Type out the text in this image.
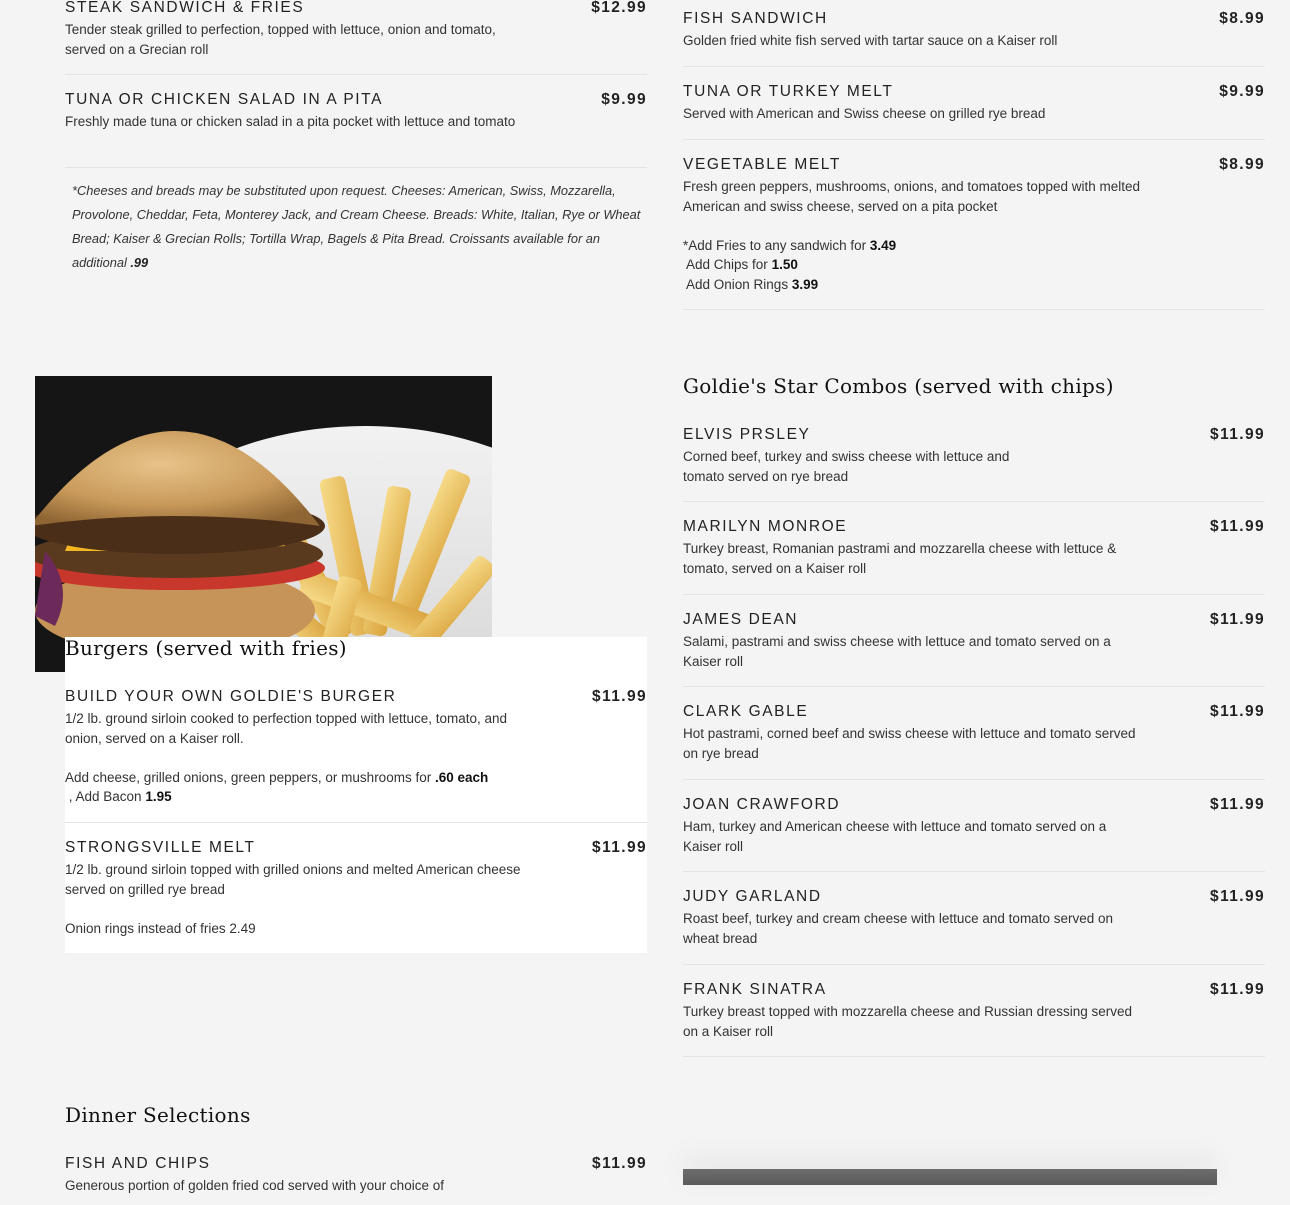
STEAK SANDWICH & FRIES	$12.99
Tender steak grilled to perfection, topped with lettuce, onion and tomato, served on a Grecian roll
TUNA OR CHICKEN SALAD IN A PITA	$9.99
Freshly made tuna or chicken salad in a pita pocket with lettuce and tomato
*Cheeses and breads may be substituted upon request. Cheeses: American, Swiss, Mozzarella, Provolone, Cheddar, Feta, Monterey Jack, and Cream Cheese. Breads: White, Italian, Rye or Wheat Bread; Kaiser & Grecian Rolls; Tortilla Wrap, Bagels & Pita Bread. Croissants available for an additional .99
FISH SANDWICH	$8.99
Golden fried white fish served with tartar sauce on a Kaiser roll
TUNA OR TURKEY MELT	$9.99
Served with American and Swiss cheese on grilled rye bread
VEGETABLE MELT	$8.99
Fresh green peppers, mushrooms, onions, and tomatoes topped with melted American and swiss cheese, served on a pita pocket
*Add Fries to any sandwich for 3.49
Add Chips for 1.50
Add Onion Rings 3.99
Burgers (served with fries)
BUILD YOUR OWN GOLDIE'S BURGER	$11.99
1/2 lb. ground sirloin cooked to perfection topped with lettuce, tomato, and onion, served on a Kaiser roll.
Add cheese, grilled onions, green peppers, or mushrooms for .60 each
, Add Bacon 1.95
STRONGSVILLE MELT	$11.99
1/2 lb. ground sirloin topped with grilled onions and melted American cheese served on grilled rye bread
Onion rings instead of fries 2.49
Goldie's Star Combos (served with chips)
ELVIS PRSLEY	$11.99
Corned beef, turkey and swiss cheese with lettuce and tomato served on rye bread
MARILYN MONROE	$11.99
Turkey breast, Romanian pastrami and mozzarella cheese with lettuce & tomato, served on a Kaiser roll
JAMES DEAN	$11.99
Salami, pastrami and swiss cheese with lettuce and tomato served on a Kaiser roll
CLARK GABLE	$11.99
Hot pastrami, corned beef and swiss cheese with lettuce and tomato served on rye bread
JOAN CRAWFORD	$11.99
Ham, turkey and American cheese with lettuce and tomato served on a Kaiser roll
JUDY GARLAND	$11.99
Roast beef, turkey and cream cheese with lettuce and tomato served on wheat bread
FRANK SINATRA	$11.99
Turkey breast topped with mozzarella cheese and Russian dressing served on a Kaiser roll
Dinner Selections
FISH AND CHIPS	$11.99
Generous portion of golden fried cod served with your choice of
